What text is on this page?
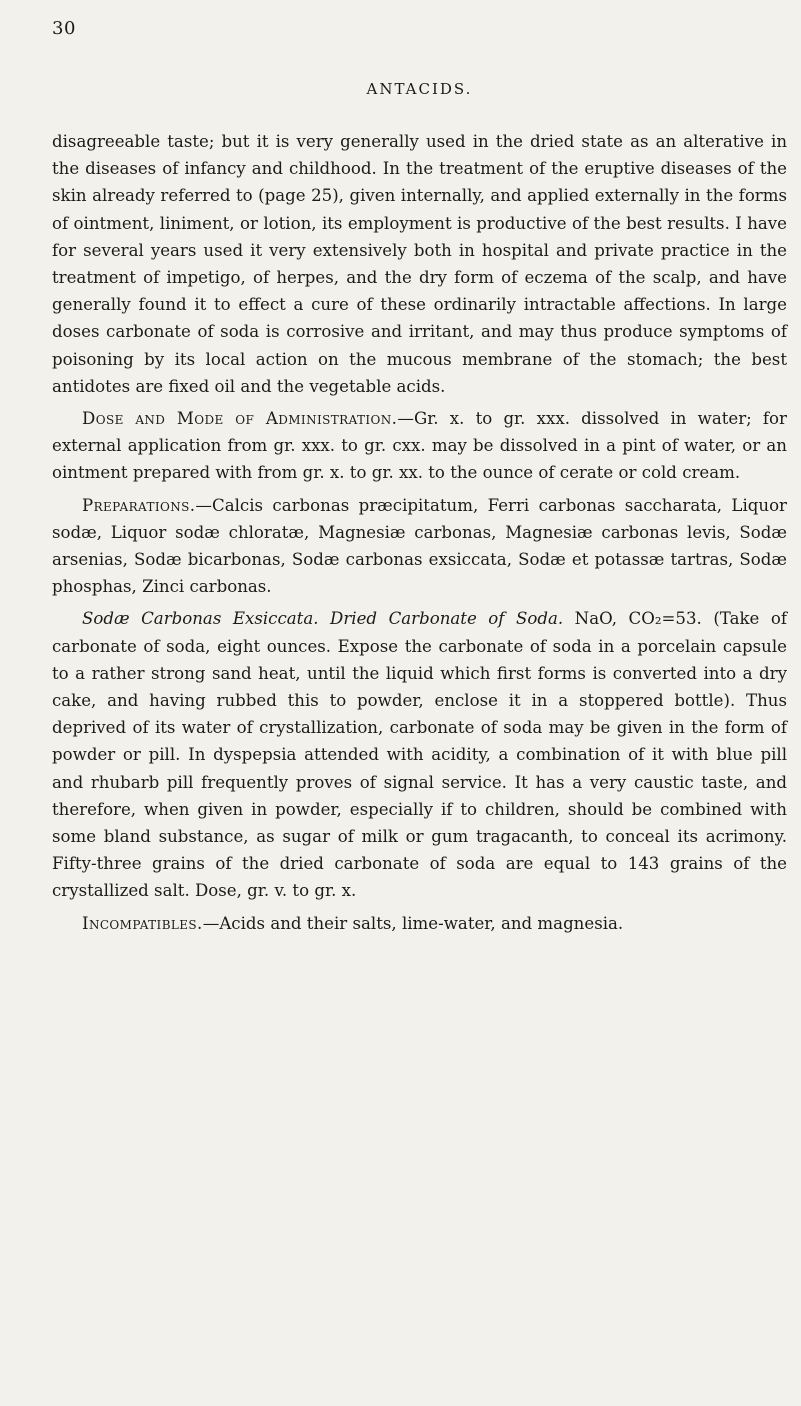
30
ANTACIDS.

disagreeable taste; but it is very generally used in the dried state as an alterative in the diseases of infancy and childhood. In the treatment of the eruptive diseases of the skin already referred to (page 25), given internally, and applied externally in the forms of ointment, liniment, or lotion, its employment is productive of the best results. I have for several years used it very extensively both in hospital and private practice in the treatment of impetigo, of herpes, and the dry form of eczema of the scalp, and have generally found it to effect a cure of these ordinarily intractable affections. In large doses carbonate of soda is corrosive and irritant, and may thus produce symptoms of poisoning by its local action on the mucous membrane of the stomach; the best antidotes are fixed oil and the vegetable acids.

Dose and Mode of Administration.—Gr. x. to gr. xxx. dissolved in water; for external application from gr. xxx. to gr. cxx. may be dissolved in a pint of water, or an ointment prepared with from gr. x. to gr. xx. to the ounce of cerate or cold cream.

Preparations.—Calcis carbonas præcipitatum, Ferri carbonas saccharata, Liquor sodæ, Liquor sodæ chloratæ, Magnesiæ carbonas, Magnesiæ carbonas levis, Sodæ arsenias, Sodæ bicarbonas, Sodæ carbonas exsiccata, Sodæ et potassæ tartras, Sodæ phosphas, Zinci carbonas.

Sodæ Carbonas Exsiccata. Dried Carbonate of Soda. NaO, CO₂=53. (Take of carbonate of soda, eight ounces. Expose the carbonate of soda in a porcelain capsule to a rather strong sand heat, until the liquid which first forms is converted into a dry cake, and having rubbed this to powder, enclose it in a stoppered bottle). Thus deprived of its water of crystallization, carbonate of soda may be given in the form of powder or pill. In dyspepsia attended with acidity, a combination of it with blue pill and rhubarb pill frequently proves of signal service. It has a very caustic taste, and therefore, when given in powder, especially if to children, should be combined with some bland substance, as sugar of milk or gum tragacanth, to conceal its acrimony. Fifty-three grains of the dried carbonate of soda are equal to 143 grains of the crystallized salt. Dose, gr. v. to gr. x.

Incompatibles.—Acids and their salts, lime-water, and magnesia.
